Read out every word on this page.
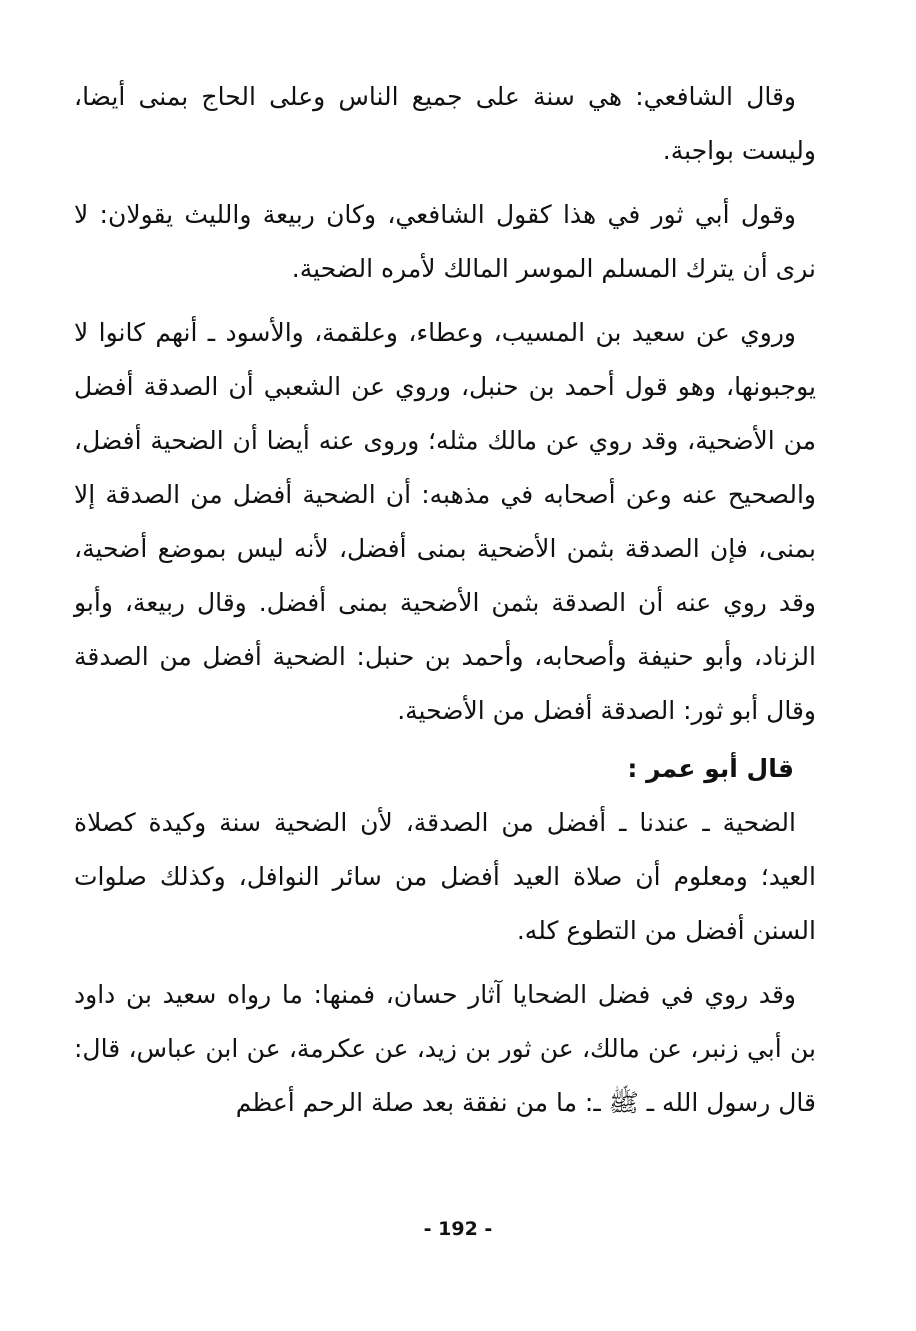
وقال الشافعي: هي سنة على جميع الناس وعلى الحاج بمنى أيضا، وليست بواجبة.

وقول أبي ثور في هذا كقول الشافعي، وكان ربيعة والليث يقولان: لا نرى أن يترك المسلم الموسر المالك لأمره الضحية.

وروي عن سعيد بن المسيب، وعطاء، وعلقمة، والأسود ـ أنهم كانوا لا يوجبونها، وهو قول أحمد بن حنبل، وروي عن الشعبي أن الصدقة أفضل من الأضحية، وقد روي عن مالك مثله؛ وروى عنه أيضا أن الضحية أفضل، والصحيح عنه وعن أصحابه في مذهبه: أن الضحية أفضل من الصدقة إلا بمنى، فإن الصدقة بثمن الأضحية بمنى أفضل، لأنه ليس بموضع أضحية، وقد روي عنه أن الصدقة بثمن الأضحية بمنى أفضل. وقال ربيعة، وأبو الزناد، وأبو حنيفة وأصحابه، وأحمد بن حنبل: الضحية أفضل من الصدقة وقال أبو ثور: الصدقة أفضل من الأضحية.

قال أبو عمر :

الضحية ـ عندنا ـ أفضل من الصدقة، لأن الضحية سنة وكيدة كصلاة العيد؛ ومعلوم أن صلاة العيد أفضل من سائر النوافل، وكذلك صلوات السنن أفضل من التطوع كله.

وقد روي في فضل الضحايا آثار حسان، فمنها: ما رواه سعيد بن داود بن أبي زنبر، عن مالك، عن ثور بن زيد، عن عكرمة، عن ابن عباس، قال: قال رسول الله ـ ﷺ ـ: ما من نفقة بعد صلة الرحم أعظم

- 192 -
